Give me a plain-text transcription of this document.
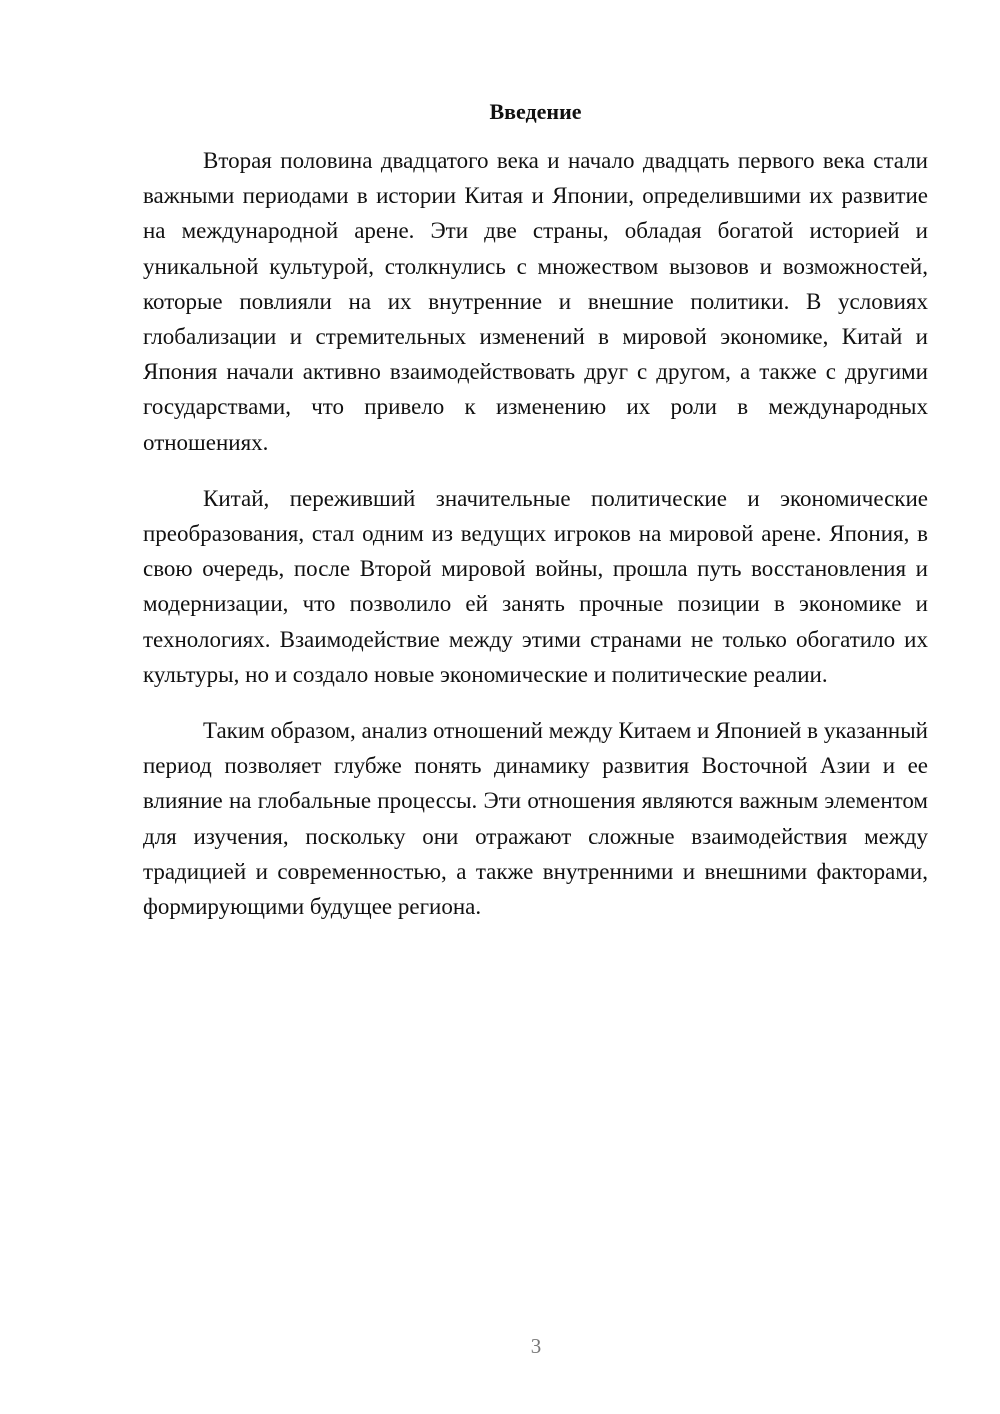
Введение

Вторая половина двадцатого века и начало двадцать первого века стали важными периодами в истории Китая и Японии, определившими их развитие на международной арене. Эти две страны, обладая богатой историей и уникальной культурой, столкнулись с множеством вызовов и возможностей, которые повлияли на их внутренние и внешние политики. В условиях глобализации и стремительных изменений в мировой экономике, Китай и Япония начали активно взаимодействовать друг с другом, а также с другими государствами, что привело к изменению их роли в международных отношениях.

Китай, переживший значительные политические и экономические преобразования, стал одним из ведущих игроков на мировой арене. Япония, в свою очередь, после Второй мировой войны, прошла путь восстановления и модернизации, что позволило ей занять прочные позиции в экономике и технологиях. Взаимодействие между этими странами не только обогатило их культуры, но и создало новые экономические и политические реалии.

Таким образом, анализ отношений между Китаем и Японией в указанный период позволяет глубже понять динамику развития Восточной Азии и ее влияние на глобальные процессы. Эти отношения являются важным элементом для изучения, поскольку они отражают сложные взаимодействия между традицией и современностью, а также внутренними и внешними факторами, формирующими будущее региона.

3
